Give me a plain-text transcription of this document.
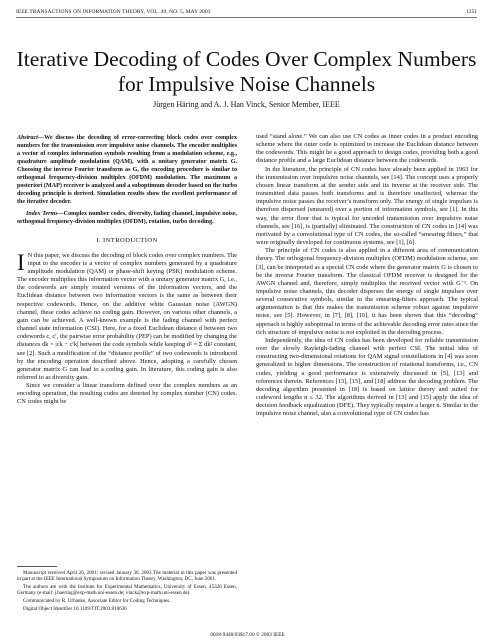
IEEE TRANSACTIONS ON INFORMATION THEORY, VOL. 49, NO. 5, MAY 2003	1251
Iterative Decoding of Codes Over Complex Numbers for Impulsive Noise Channels
Jürgen Häring and A. J. Han Vinck, Senior Member, IEEE

Abstract—We discuss the decoding of error-correcting block codes over complex numbers for the transmission over impulsive noise channels. The encoder multiplies a vector of complex information symbols resulting from a modulation scheme, e.g., quadrature amplitude modulation (QAM), with a unitary generator matrix G. Choosing the inverse Fourier transform as G, the encoding procedure is similar to orthogonal frequency-division multiplex (OFDM) modulation. The maximum a posteriori (MAP) receiver is analyzed and a suboptimum decoder based on the turbo decoding principle is derived. Simulation results show the excellent performance of the iterative decoder.

Index Terms—Complex number codes, diversity, fading channel, impulsive noise, orthogonal frequency-division multiplex (OFDM), rotation, turbo decoding.

I. INTRODUCTION

I N this paper, we discuss the decoding of block codes over complex numbers. The input to the encoder is a vector of complex numbers generated by a quadrature amplitude modulation (QAM) or phase-shift keying (PSK) modulation scheme. The encoder multiplies this information vector with a unitary generator matrix G, i.e., the codewords are simply rotated versions of the information vectors, and the Euclidean distance between two information vectors is the same as between their respective codewords. Hence, on the additive white Gaussian noise (AWGN) channel, these codes achieve no coding gain. However, on various other channels, a gain can be achieved. A well-known example is the fading channel with perfect channel state information (CSI). Here, for a fixed Euclidean distance d between two codewords c, c′, the pairwise error probability (PEP) can be modified by changing the distances dk = |ck − c′k| between the code symbols while keeping d² = Σ dk² constant, see [2]. Such a modification of the “distance profile” of two codewords is introduced by the encoding operation described above. Hence, adopting a carefully chosen generator matrix G can lead to a coding gain. In literature, this coding gain is also referred to as diversity gain.

Since we consider a linear transform defined over the complex numbers as an encoding operation, the resulting codes are denoted by complex number (CN) codes. CN codes might be

Manuscript received April 26, 2001; revised January 30, 2003.The material in this paper was presented in part at the IEEE International Symposium on Information Theory, Washington, DC, June 2001.

The authors are with the Institute for Experimental Mathematics, University of Essen, 45326 Essen, Germany (e-mail: j.haering@exp-math.uni-essen.de; vinck@exp-math.uni-essen.de).

Communicated by R. Urbanke, Associate Editor for Coding Techniques.

Digital Object Identifier 10.1109/TIT.2003.810636

used “stand alone.” We can also use CN codes as inner codes in a product encoding scheme where the outer code is optimized to increase the Euclidean distance between the codewords. This might be a good approach to design codes, providing both a good distance profile and a large Euclidean distance between the codewords.

In the literature, the principle of CN codes have already been applied in 1963 for the transmission over impulsive noise channels, see [14]. The concept uses a properly chosen linear transform at the sender side and its inverse at the receiver side. The transmitted data passes both transforms and is therefore unaffected, whereas the impulsive noise passes the receiver’s transform only. The energy of single impulses is therefore dispersed (smeared) over a portion of information symbols, see [1]. In this way, the error floor that is typical for uncoded transmission over impulsive noise channels, see [16], is (partially) eliminated. The construction of CN codes in [14] was motivated by a convolutional type of CN codes, the so-called “smearing filters,” that were originally developed for continuous systems, see [1], [6].

The principle of CN codes is also applied in a different area of communication theory. The orthogonal frequency-division multiplex (OFDM) modulation scheme, see [3], can be interpreted as a special CN code where the generator matrix G is chosen to be the inverse Fourier transform. The classical OFDM receiver is designed for the AWGN channel and, therefore, simply multiplies the received vector with G⁻¹. On impulsive noise channels, this decoder disperses the energy of single impulses over several consecutive symbols, similar to the smearing-filters approach. The typical argumentation is that this makes the transmission scheme robust against impulsive noise, see [5]. However, in [7], [8], [10], it has been shown that this “decoding” approach is highly suboptimal in terms of the achievable decoding error rates since the rich structure of impulsive noise is not exploited in the decoding process.

Independently, the idea of CN codes has been developed for reliable transmission over the slowly Rayleigh-fading channel with perfect CSI. The initial idea of constructing two-dimensional rotations for QAM signal constellations in [4] was soon generalized to higher dimensions. The construction of rotational transforms, i.e., CN codes, yielding a good performance is extensively discussed in [5], [13] and references therein. References [13], [15], and [18] address the decoding problem. The decoding algorithm presented in [18] is based on lattice theory and suited for codeword lengths n ≤ 32. The algorithms derived in [13] and [15] apply the idea of decision feedback equalization (DFE). They typically require a larger n. Similar to the impulsive noise channel, also a convolutional type of CN codes has

0018-9448/03$17.00 © 2003 IEEE
